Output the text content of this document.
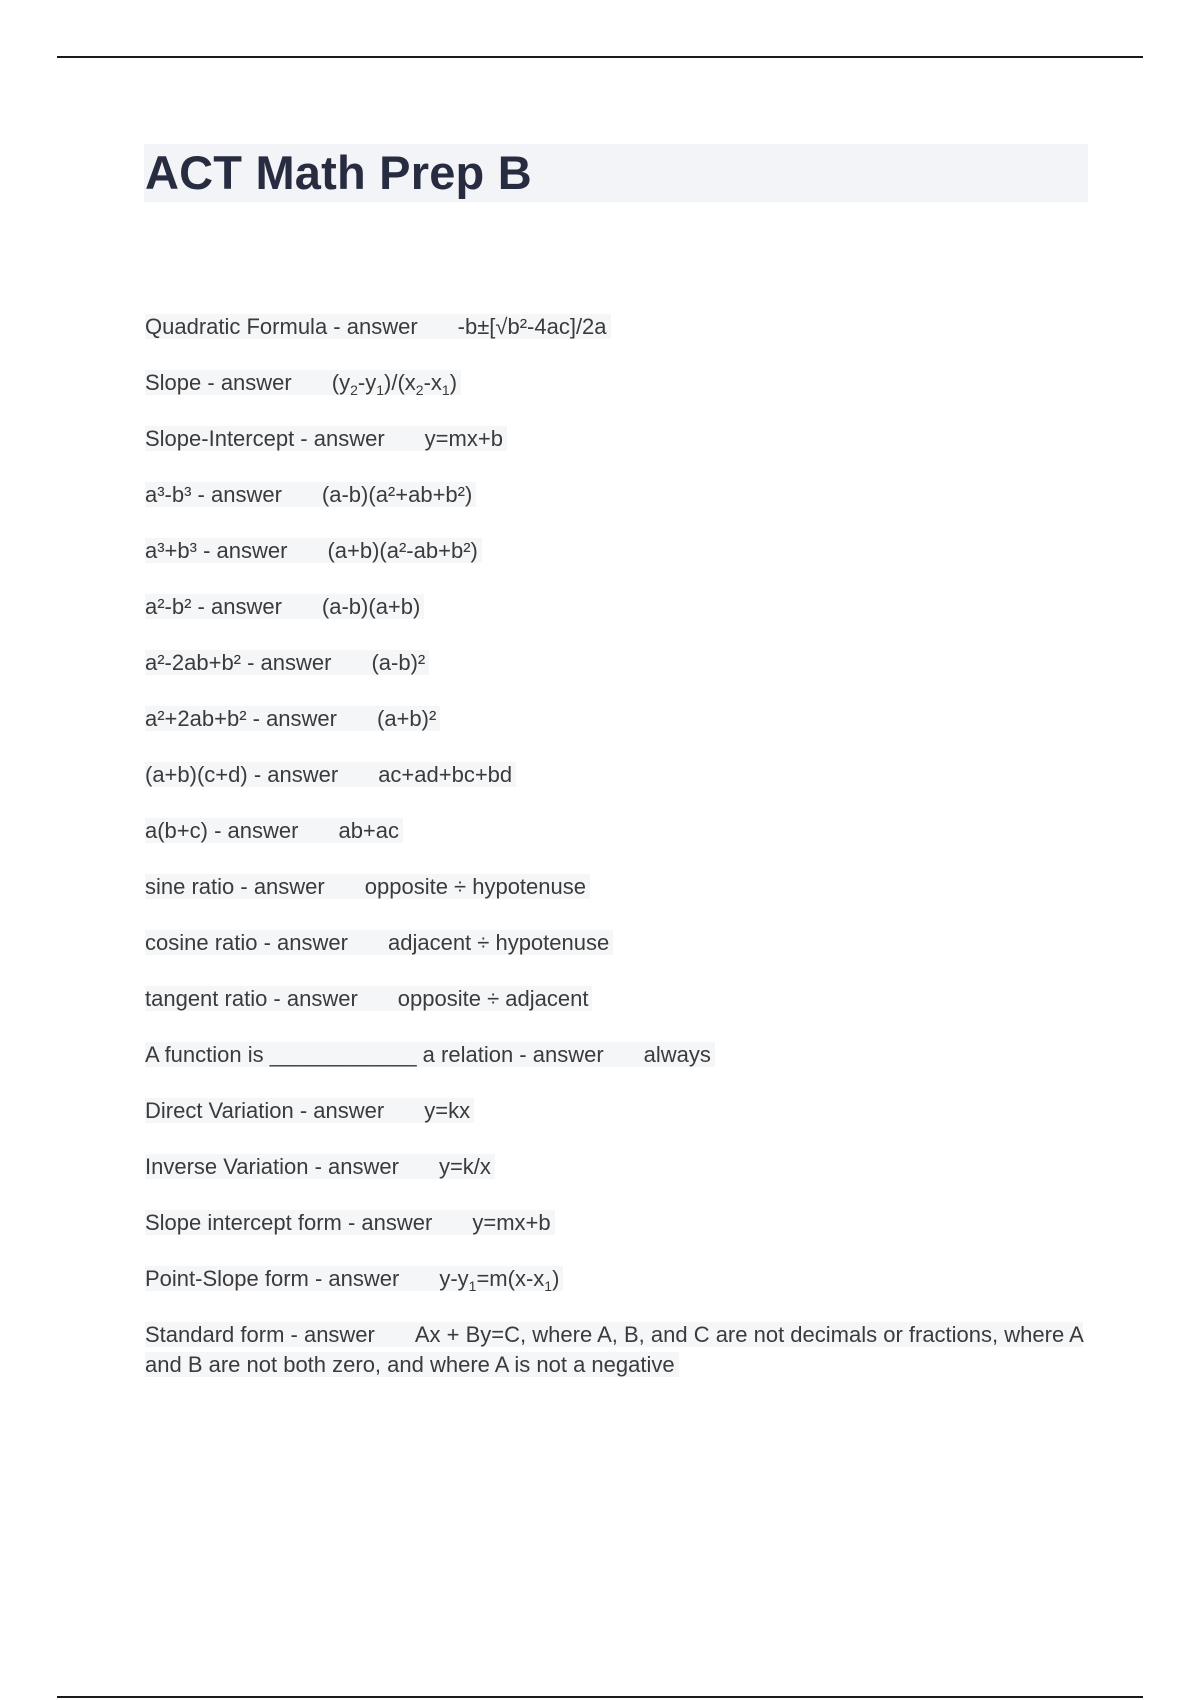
ACT Math Prep B
Quadratic Formula - answer -b±[√b²-4ac]/2a
Slope - answer $(y_2-y_1)/(x_2-x_1)$
Slope-Intercept - answer y=mx+b
a³-b³ - answer (a-b)(a²+ab+b²)
a³+b³ - answer (a+b)(a²-ab+b²)
a²-b² - answer (a-b)(a+b)
a²-2ab+b² - answer (a-b)²
a²+2ab+b² - answer (a+b)²
(a+b)(c+d) - answer ac+ad+bc+bd
a(b+c) - answer ab+ac
sine ratio - answer opposite ÷ hypotenuse
cosine ratio - answer adjacent ÷ hypotenuse
tangent ratio - answer opposite ÷ adjacent
A function is ____________ a relation - answer always
Direct Variation - answer y=kx
Inverse Variation - answer y=k/x
Slope intercept form - answer y=mx+b
Point-Slope form - answer $y-y_1=m(x-x_1)$
Standard form - answer Ax + By=C, where A, B, and C are not decimals or fractions, where A and B are not both zero, and where A is not a negative
